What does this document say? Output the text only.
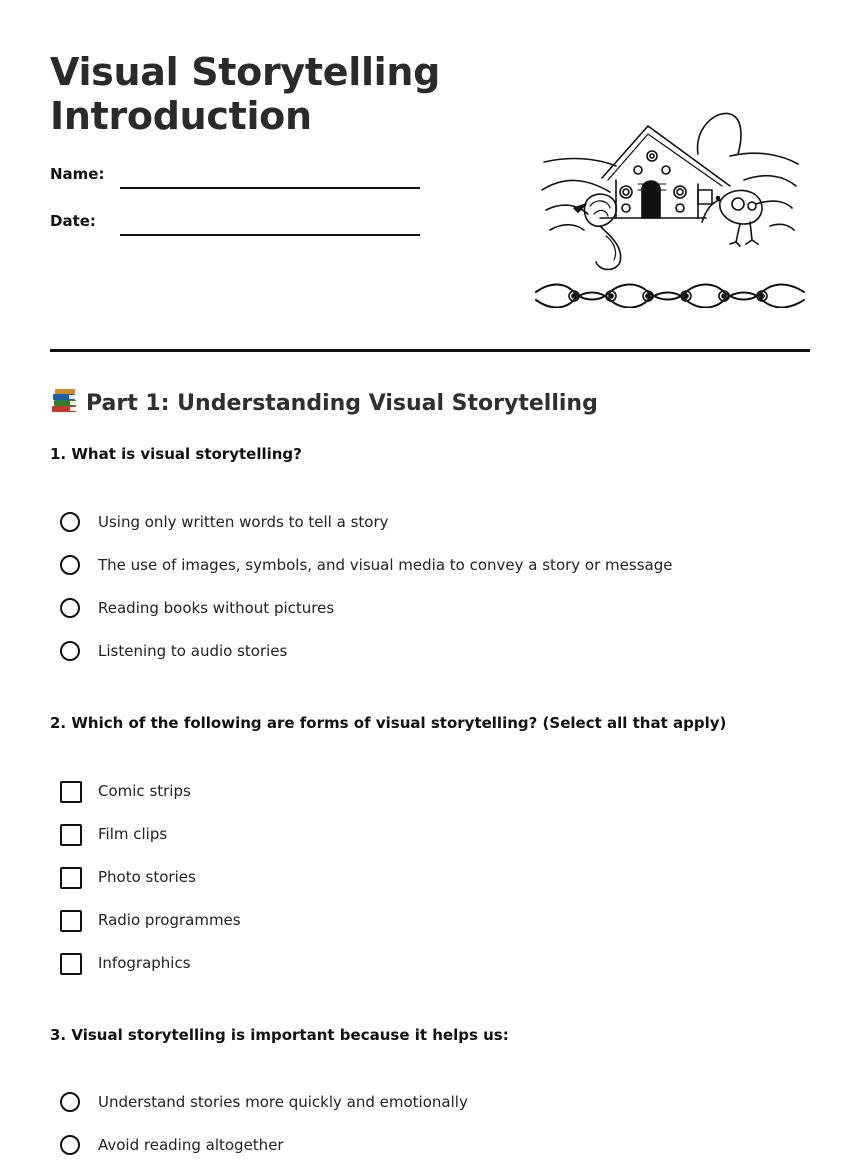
Visual Storytelling Introduction
Name:
Date:
Part 1: Understanding Visual Storytelling

1. What is visual storytelling?

Using only written words to tell a story
The use of images, symbols, and visual media to convey a story or message
Reading books without pictures
Listening to audio stories

2. Which of the following are forms of visual storytelling? (Select all that apply)

Comic strips
Film clips
Photo stories
Radio programmes
Infographics

3. Visual storytelling is important because it helps us:

Understand stories more quickly and emotionally
Avoid reading altogether
